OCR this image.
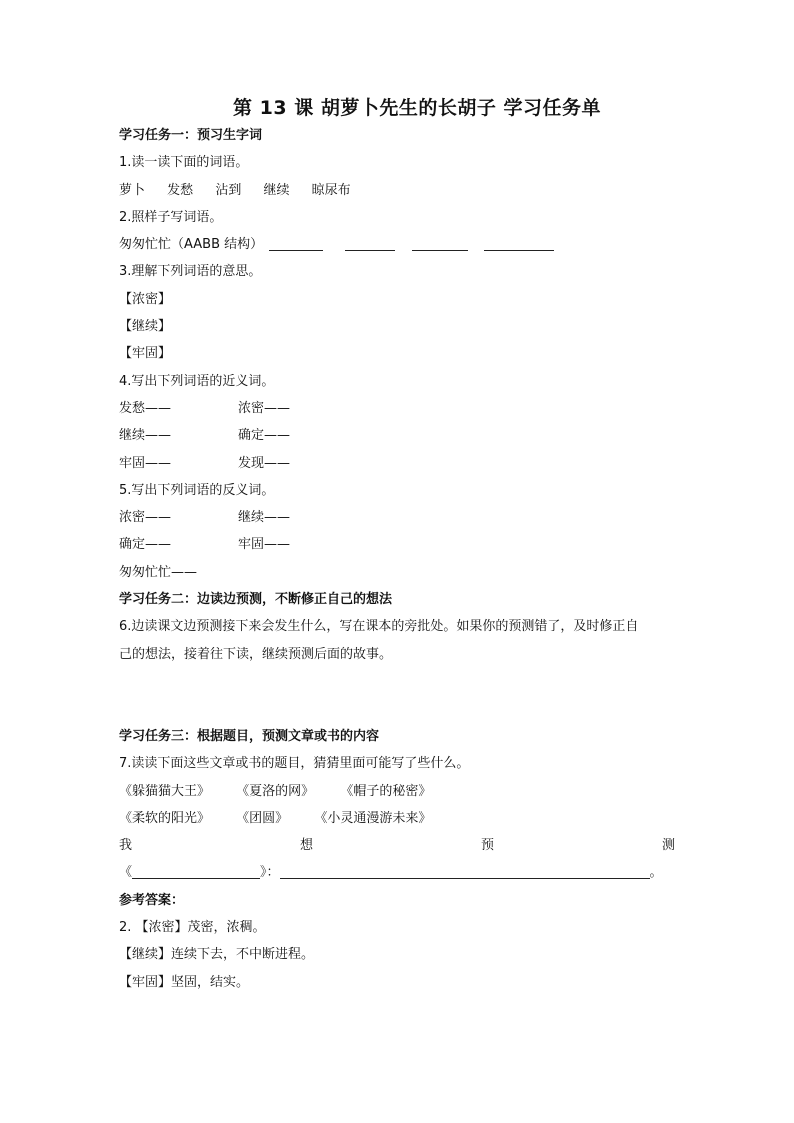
第 13 课 胡萝卜先生的长胡子 学习任务单
学习任务一：预习生字词
1.读一读下面的词语。
萝卜 发愁 沾到 继续 晾尿布
2.照样子写词语。
匆匆忙忙（AABB 结构）
3.理解下列词语的意思。
【浓密】
【继续】
【牢固】
4.写出下列词语的近义词。
发愁——	浓密——
继续——	确定——
牢固——	发现——
5.写出下列词语的反义词。
浓密——	继续——
确定——	牢固——
匆匆忙忙——
学习任务二：边读边预测，不断修正自己的想法
6.边读课文边预测接下来会发生什么，写在课本的旁批处。如果你的预测错了，及时修正自
己的想法，接着往下读，继续预测后面的故事。
学习任务三：根据题目，预测文章或书的内容
7.读读下面这些文章或书的题目，猜猜里面可能写了些什么。
《躲猫猫大王》 《夏洛的网》 《帽子的秘密》
《柔软的阳光》 《团圆》 《小灵通漫游未来》
我	想	预	测
《	》：	。
参考答案：
2. 【浓密】茂密，浓稠。
【继续】连续下去，不中断进程。
【牢固】坚固，结实。
